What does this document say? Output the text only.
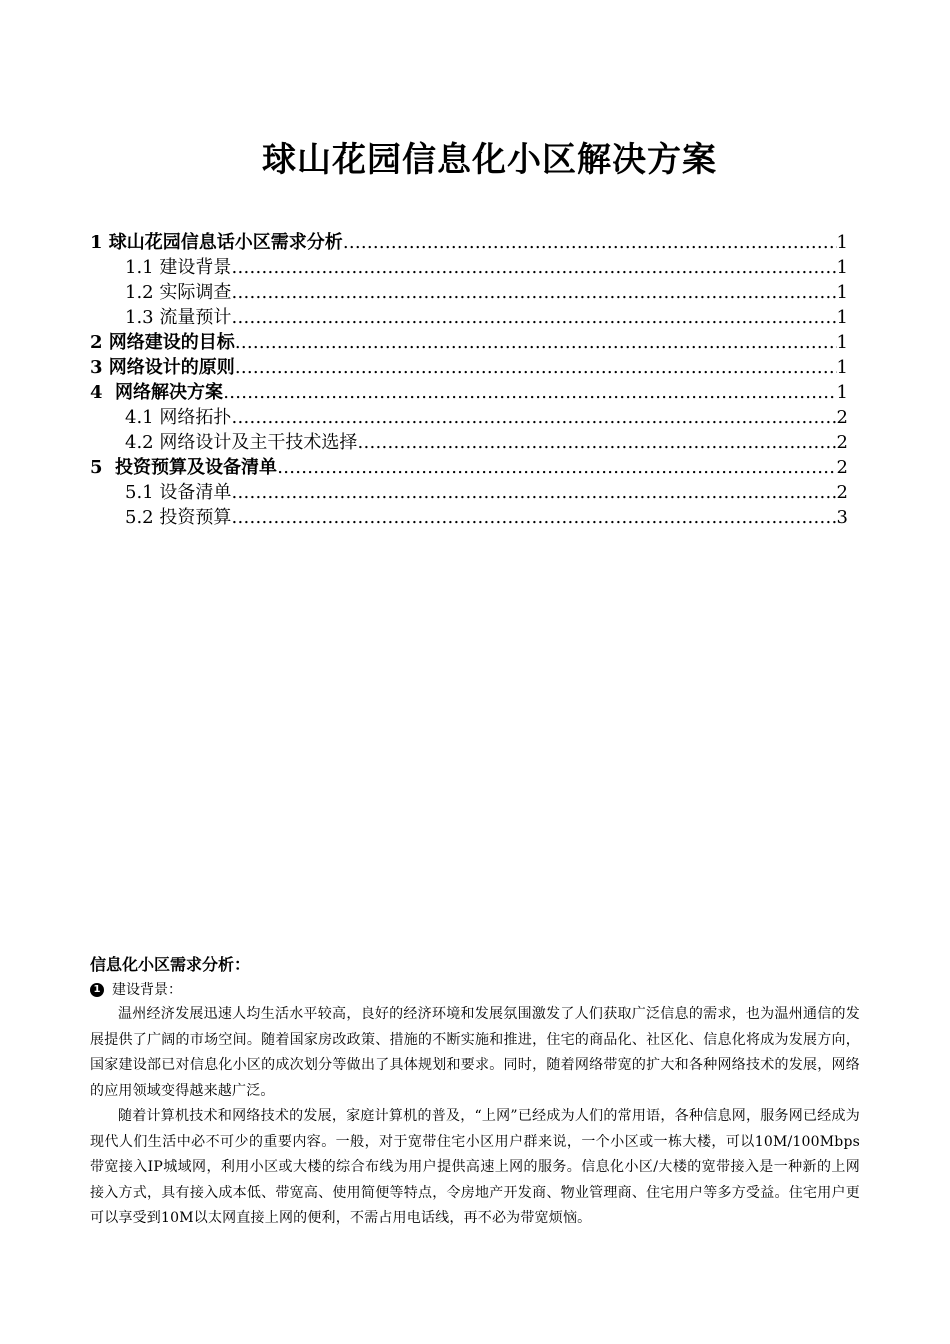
球山花园信息化小区解决方案
1 球山花园信息话小区需求分析 ……………………………………………………………………………………………………………………………………………………………	1
1.1 建设背景 ……………………………………………………………………………………………………………………………………………………………	1
1.2 实际调查 ……………………………………………………………………………………………………………………………………………………………	1
1.3 流量预计 ……………………………………………………………………………………………………………………………………………………………	1
2 网络建设的目标 ……………………………………………………………………………………………………………………………………………………………	1
3 网络设计的原则 ……………………………………………………………………………………………………………………………………………………………	1
4  网络解决方案 ……………………………………………………………………………………………………………………………………………………………	1
4.1 网络拓扑 ……………………………………………………………………………………………………………………………………………………………	2
4.2 网络设计及主干技术选择 ……………………………………………………………………………………………………………………………………………………………	2
5  投资预算及设备清单 ……………………………………………………………………………………………………………………………………………………………	2
5.1 设备清单 ……………………………………………………………………………………………………………………………………………………………	2
5.2 投资预算 ……………………………………………………………………………………………………………………………………………………………	3
信息化小区需求分析：
1 建设背景：

温州经济发展迅速人均生活水平较高，良好的经济环境和发展氛围激发了人们获取广泛信息的需求，也为温州通信的发展提供了广阔的市场空间。随着国家房改政策、措施的不断实施和推进，住宅的商品化、社区化、信息化将成为发展方向，国家建设部已对信息化小区的成次划分等做出了具体规划和要求。同时，随着网络带宽的扩大和各种网络技术的发展，网络的应用领域变得越来越广泛。

随着计算机技术和网络技术的发展，家庭计算机的普及，“上网”已经成为人们的常用语，各种信息网，服务网已经成为现代人们生活中必不可少的重要内容。一般，对于宽带住宅小区用户群来说，一个小区或一栋大楼，可以10M/100Mbps带宽接入IP城域网，利用小区或大楼的综合布线为用户提供高速上网的服务。信息化小区/大楼的宽带接入是一种新的上网接入方式，具有接入成本低、带宽高、使用简便等特点，令房地产开发商、物业管理商、住宅用户等多方受益。住宅用户更可以享受到10M以太网直接上网的便利，不需占用电话线，再不必为带宽烦恼。
